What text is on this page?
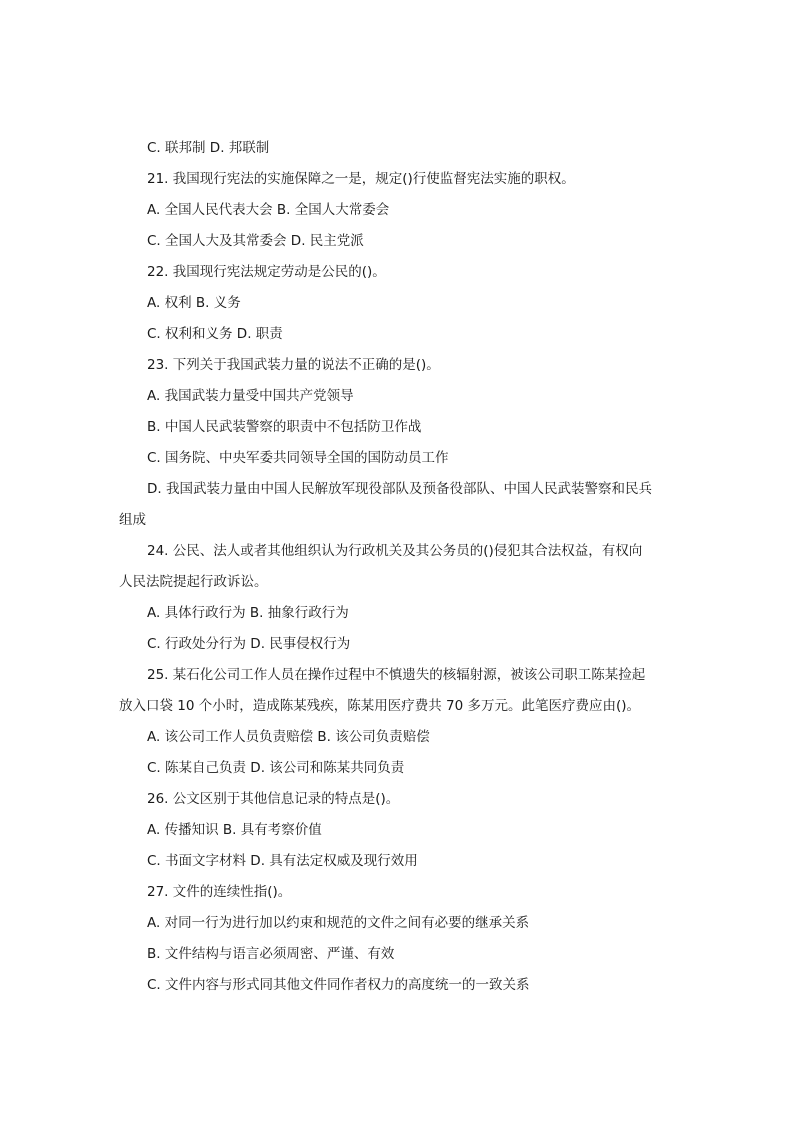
C. 联邦制 D. 邦联制
21. 我国现行宪法的实施保障之一是，规定()行使监督宪法实施的职权。
A. 全国人民代表大会 B. 全国人大常委会
C. 全国人大及其常委会 D. 民主党派
22. 我国现行宪法规定劳动是公民的()。
A. 权利 B. 义务
C. 权利和义务 D. 职责
23. 下列关于我国武装力量的说法不正确的是()。
A. 我国武装力量受中国共产党领导
B. 中国人民武装警察的职责中不包括防卫作战
C. 国务院、中央军委共同领导全国的国防动员工作
D. 我国武装力量由中国人民解放军现役部队及预备役部队、中国人民武装警察和民兵
组成
24. 公民、法人或者其他组织认为行政机关及其公务员的()侵犯其合法权益，有权向
人民法院提起行政诉讼。
A. 具体行政行为 B. 抽象行政行为
C. 行政处分行为 D. 民事侵权行为
25. 某石化公司工作人员在操作过程中不慎遗失的核辐射源，被该公司职工陈某捡起
放入口袋 10 个小时，造成陈某残疾，陈某用医疗费共 70 多万元。此笔医疗费应由()。
A. 该公司工作人员负责赔偿 B. 该公司负责赔偿
C. 陈某自己负责 D. 该公司和陈某共同负责
26. 公文区别于其他信息记录的特点是()。
A. 传播知识 B. 具有考察价值
C. 书面文字材料 D. 具有法定权威及现行效用
27. 文件的连续性指()。
A. 对同一行为进行加以约束和规范的文件之间有必要的继承关系
B. 文件结构与语言必须周密、严谨、有效
C. 文件内容与形式同其他文件同作者权力的高度统一的一致关系
